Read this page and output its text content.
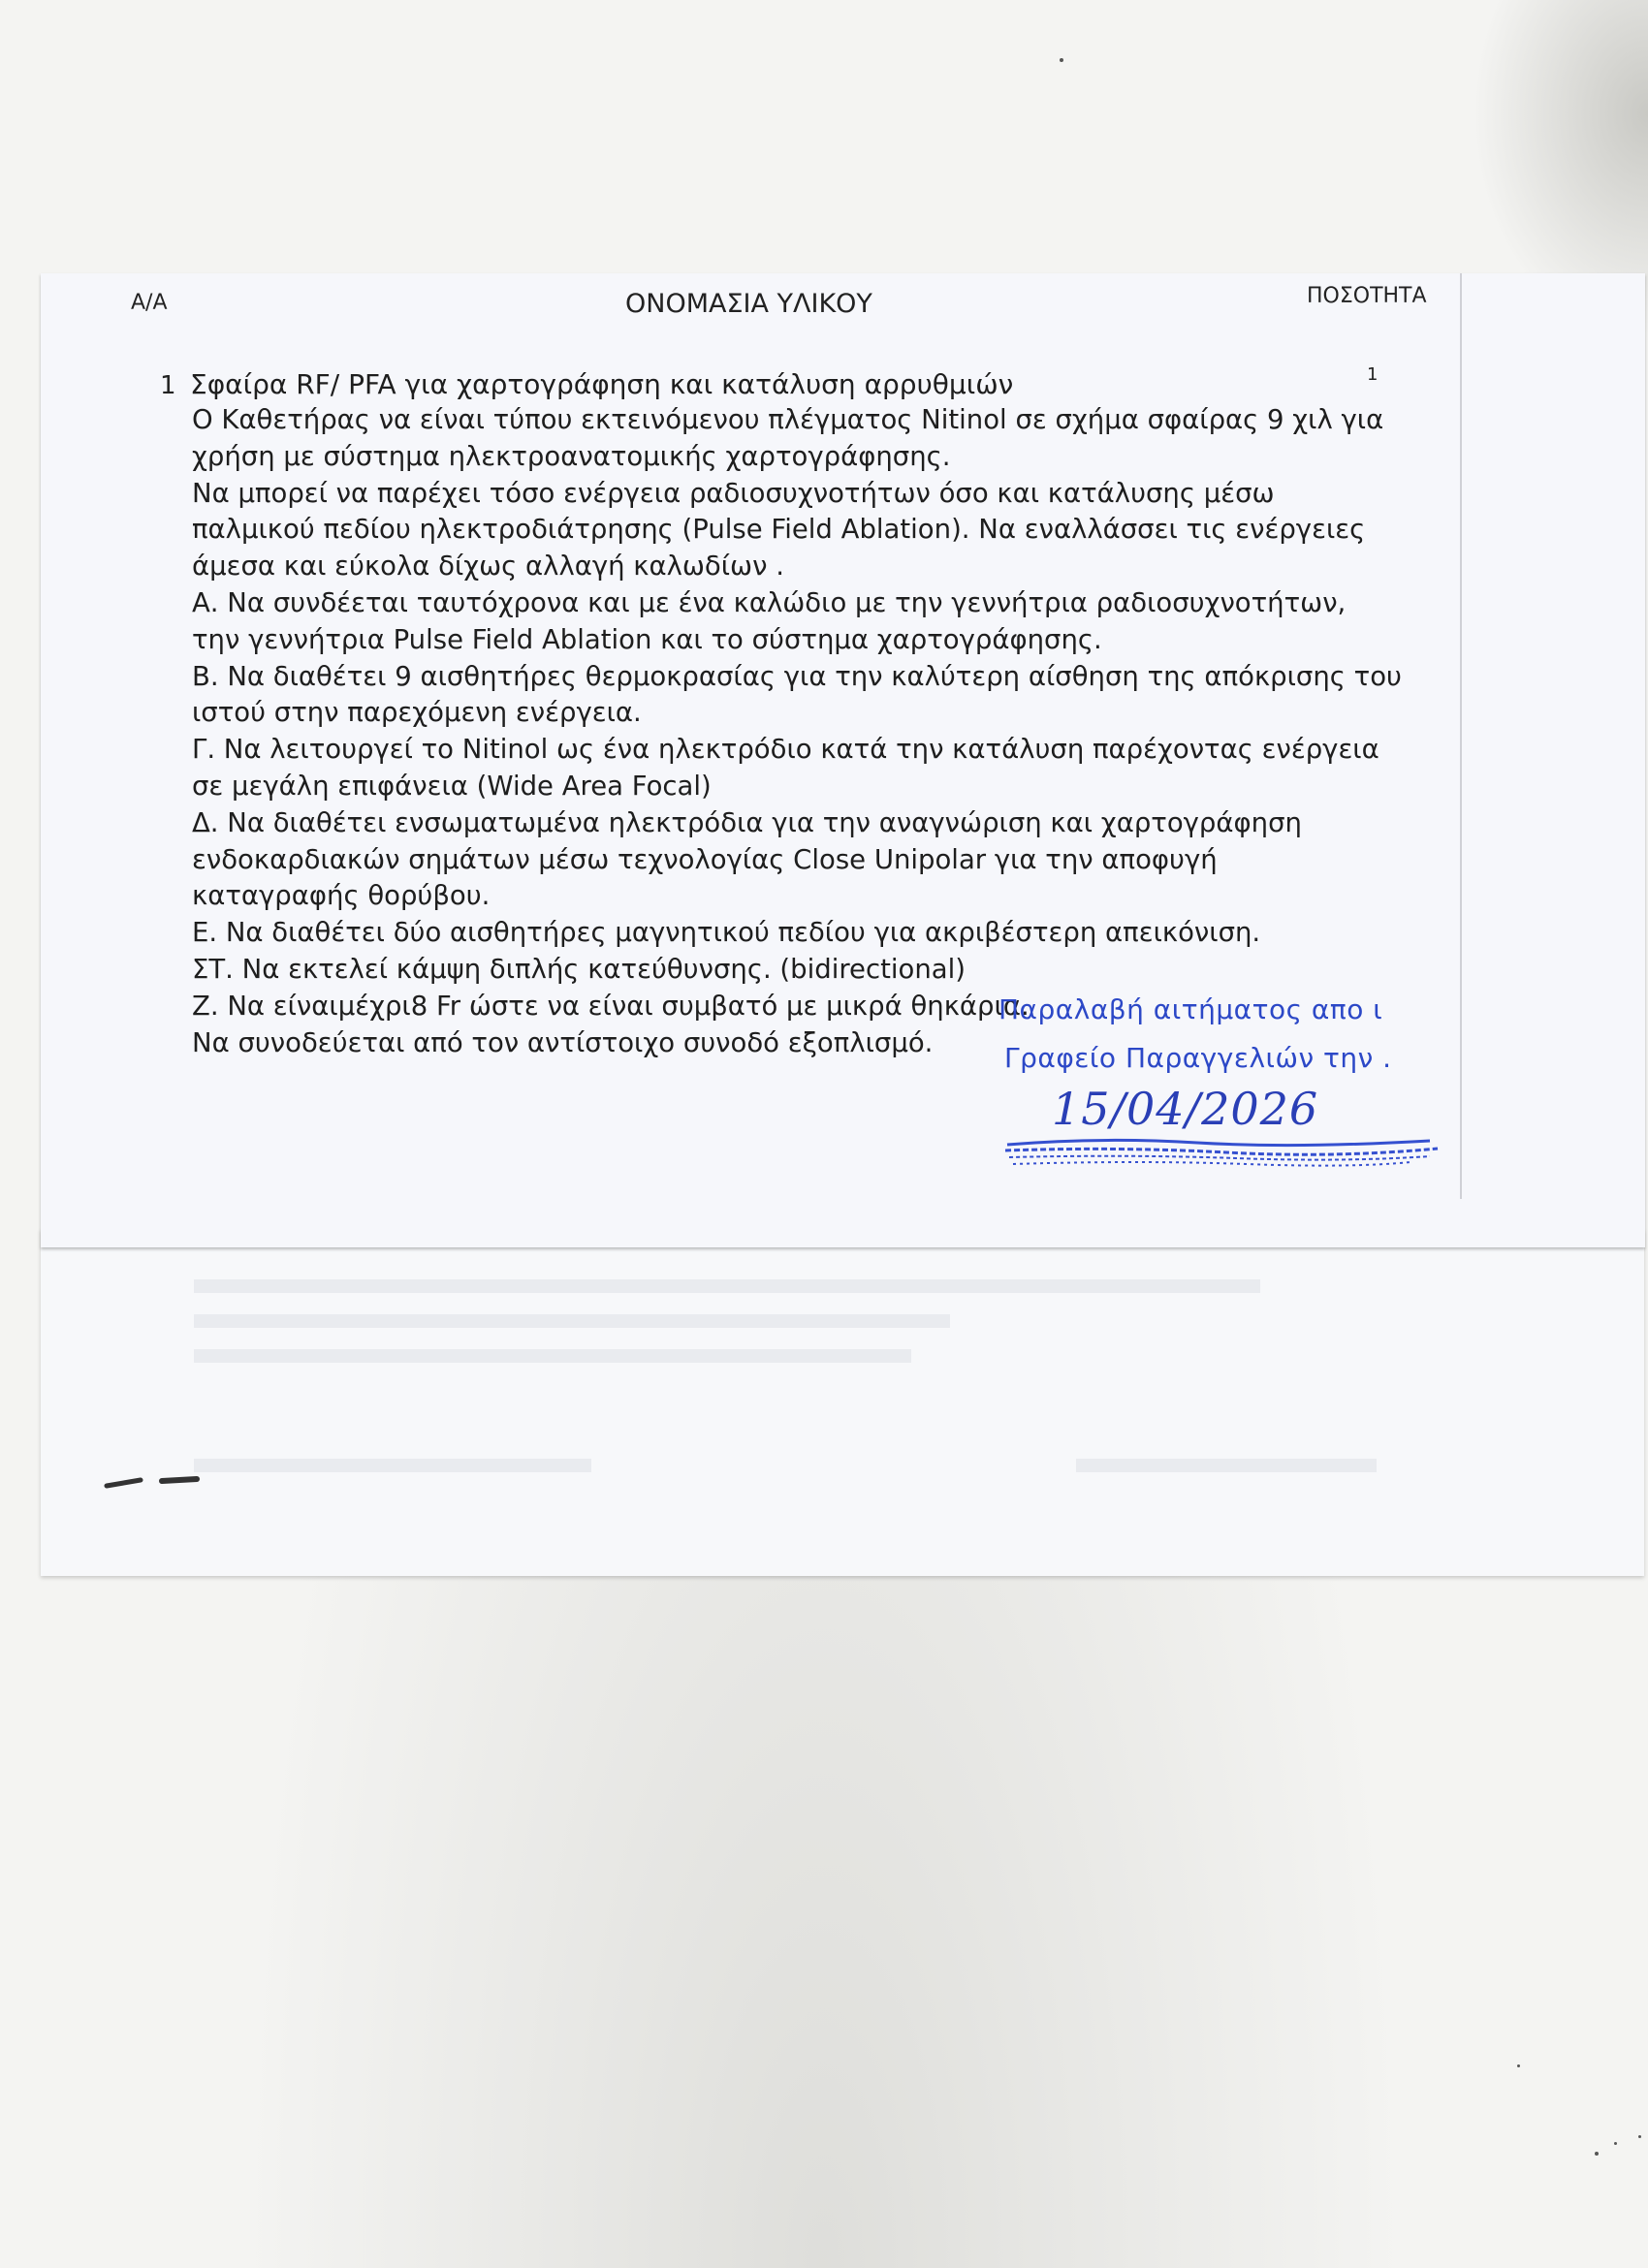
Α/Α	ΟΝΟΜΑΣΙΑ ΥΛΙΚΟΥ	ΠΟΣΟΤΗΤΑ
1 Σφαίρα RF/ PFA για χαρτογράφηση και κατάλυση αρρυθμιών	1
Ο Καθετήρας να είναι τύπου εκτεινόμενου πλέγματος Nitinol σε σχήμα σφαίρας 9 χιλ για
χρήση με σύστημα ηλεκτροανατομικής χαρτογράφησης.
Να μπορεί να παρέχει τόσο ενέργεια ραδιοσυχνοτήτων όσο και κατάλυσης μέσω
παλμικού πεδίου ηλεκτροδιάτρησης (Pulse Field Ablation). Να εναλλάσσει τις ενέργειες
άμεσα και εύκολα δίχως αλλαγή καλωδίων .
Α. Να συνδέεται ταυτόχρονα και με ένα καλώδιο με την γεννήτρια ραδιοσυχνοτήτων,
την γεννήτρια Pulse Field Ablation και το σύστημα χαρτογράφησης.
Β. Να διαθέτει 9 αισθητήρες θερμοκρασίας για την καλύτερη αίσθηση της απόκρισης του
ιστού στην παρεχόμενη ενέργεια.
Γ. Να λειτουργεί το Nitinol ως ένα ηλεκτρόδιο κατά την κατάλυση παρέχοντας ενέργεια
σε μεγάλη επιφάνεια (Wide Area Focal)
Δ. Να διαθέτει ενσωματωμένα ηλεκτρόδια για την αναγνώριση και χαρτογράφηση
ενδοκαρδιακών σημάτων μέσω τεχνολογίας Close Unipolar για την αποφυγή
καταγραφής θορύβου.
Ε. Να διαθέτει δύο αισθητήρες μαγνητικού πεδίου για ακριβέστερη απεικόνιση.
ΣΤ. Να εκτελεί κάμψη διπλής κατεύθυνσης. (bidirectional)
Ζ. Να είναιμέχρι8 Fr ώστε να είναι συμβατό με μικρά θηκάρια.
Να συνοδεύεται από τον αντίστοιχο συνοδό εξοπλισμό.
Παραλαβή αιτήματος απο ι
Γραφείο Παραγγελιών την .
15/04/2026
